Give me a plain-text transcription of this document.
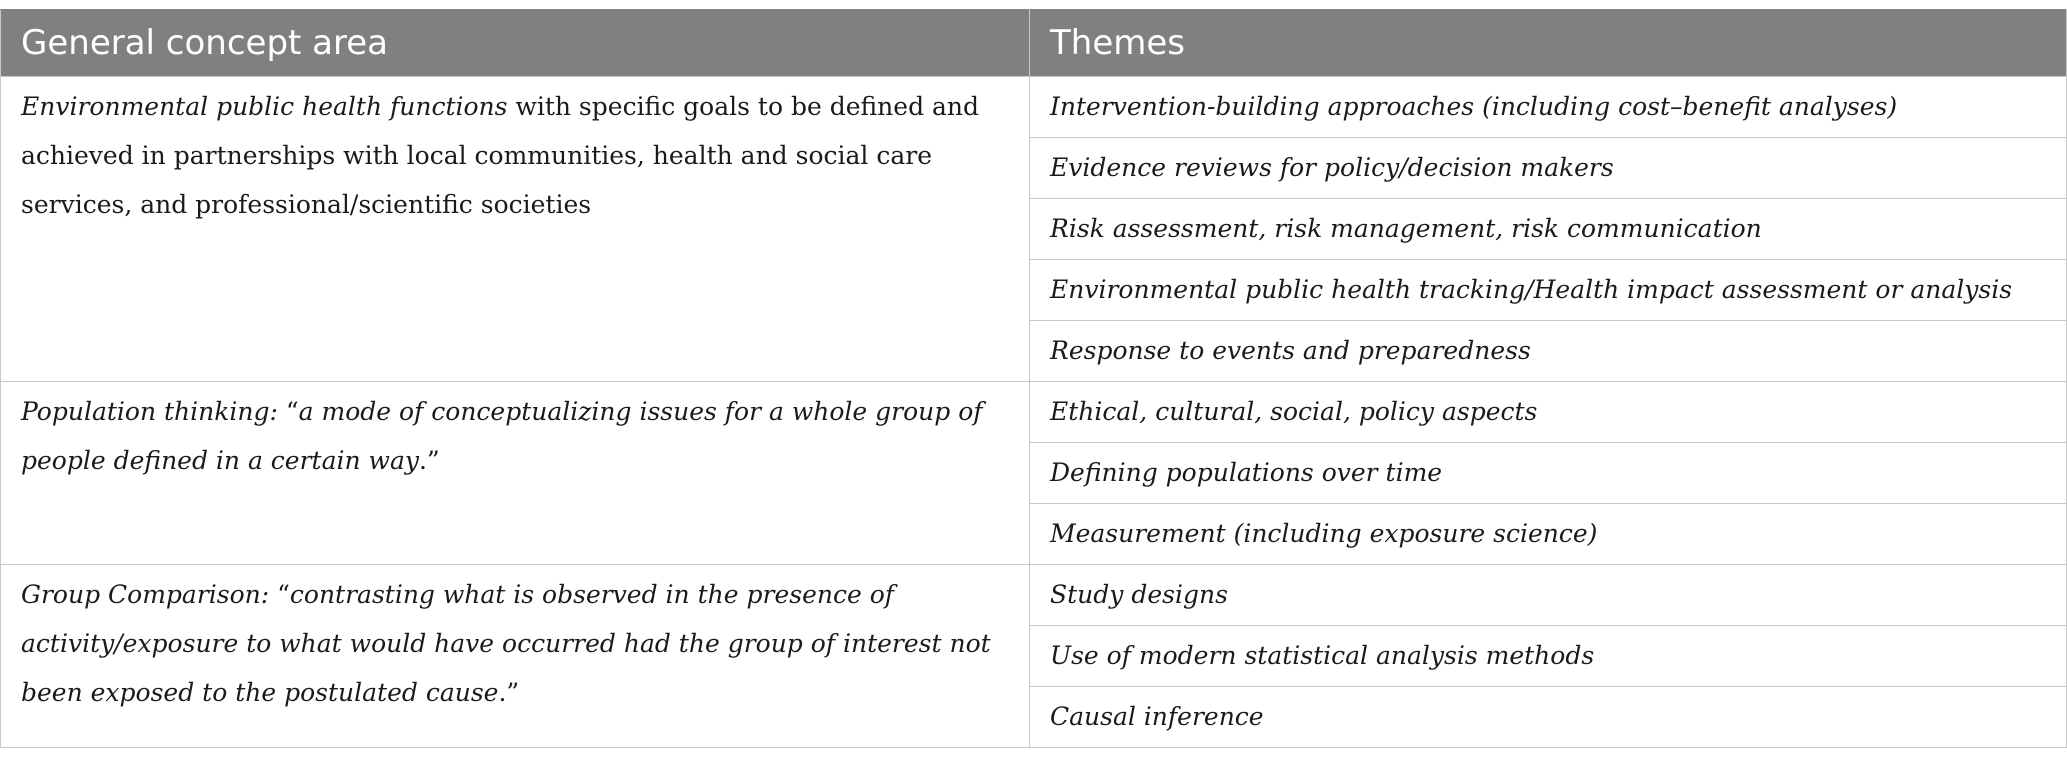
General concept area	Themes
Environmental public health functions with specific goals to be defined and achieved in partnerships with local communities, health and social care services, and professional/scientific societies	Intervention-building approaches (including cost–benefit analyses)
	Evidence reviews for policy/decision makers
	Risk assessment, risk management, risk communication
	Environmental public health tracking/Health impact assessment or analysis
	Response to events and preparedness
Population thinking: “a mode of conceptualizing issues for a whole group of people defined in a certain way.”	Ethical, cultural, social, policy aspects
	Defining populations over time
	Measurement (including exposure science)
Group Comparison: “contrasting what is observed in the presence of activity/exposure to what would have occurred had the group of interest not been exposed to the postulated cause.”	Study designs
	Use of modern statistical analysis methods
	Causal inference
